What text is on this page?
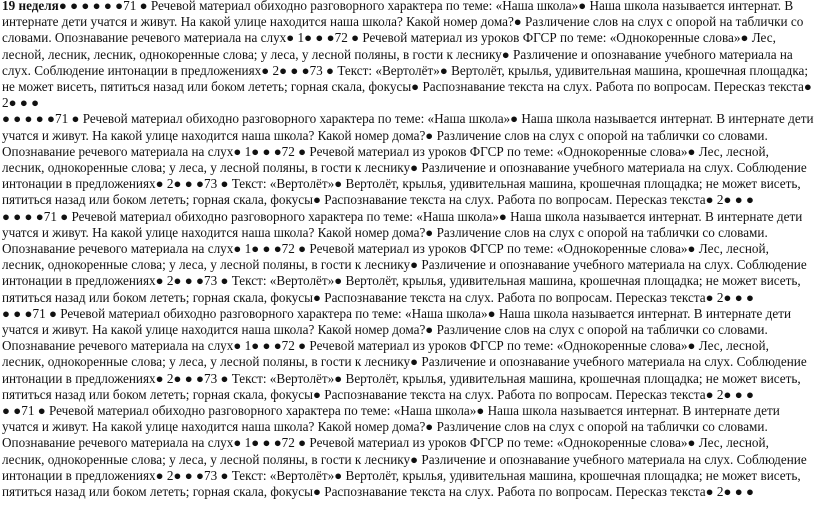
19 неделя● ● ● ● ● ●71 ● Речевой материал обиходно разговорного характера по теме: «Наша школа»● Наша школа называется интернат. В интернате дети учатся и живут. На какой улице находится наша школа? Какой номер дома?● Различение слов на слух с опорой на таблички со словами. Опознавание речевого материала на слух● 1● ● ●72 ● Речевой материал из уроков ФГСР по теме: «Однокоренные слова»● Лес, лесной, лесник, лесник, однокоренные слова; у леса, у лесной поляны, в гости к леснику● Различение и опознавание учебного материала на слух. Соблюдение интонации в предложениях● 2● ● ●73 ● Текст: «Вертолёт»● Вертолёт, крылья, удивительная машина, крошечная площадка; не может висеть, пятиться назад или боком лететь; горная скала, фокусы● Распознавание текста на слух. Работа по вопросам. Пересказ текста● 2● ● ●

● ● ● ● ●71 ● Речевой материал обиходно разговорного характера по теме: «Наша школа»● Наша школа называется интернат. В интернате дети учатся и живут. На какой улице находится наша школа? Какой номер дома?● Различение слов на слух с опорой на таблички со словами. Опознавание речевого материала на слух● 1● ● ●72 ● Речевой материал из уроков ФГСР по теме: «Однокоренные слова»● Лес, лесной, лесник, однокоренные слова; у леса, у лесной поляны, в гости к леснику● Различение и опознавание учебного материала на слух. Соблюдение интонации в предложениях● 2● ● ●73 ● Текст: «Вертолёт»● Вертолёт, крылья, удивительная машина, крошечная площадка; не может висеть, пятиться назад или боком лететь; горная скала, фокусы● Распознавание текста на слух. Работа по вопросам. Пересказ текста● 2● ● ●

● ● ● ●71 ● Речевой материал обиходно разговорного характера по теме: «Наша школа»● Наша школа называется интернат. В интернате дети учатся и живут. На какой улице находится наша школа? Какой номер дома?● Различение слов на слух с опорой на таблички со словами. Опознавание речевого материала на слух● 1● ● ●72 ● Речевой материал из уроков ФГСР по теме: «Однокоренные слова»● Лес, лесной, лесник, однокоренные слова; у леса, у лесной поляны, в гости к леснику● Различение и опознавание учебного материала на слух. Соблюдение интонации в предложениях● 2● ● ●73 ● Текст: «Вертолёт»● Вертолёт, крылья, удивительная машина, крошечная площадка; не может висеть, пятиться назад или боком лететь; горная скала, фокусы● Распознавание текста на слух. Работа по вопросам. Пересказ текста● 2● ● ●

● ● ●71 ● Речевой материал обиходно разговорного характера по теме: «Наша школа»● Наша школа называется интернат. В интернате дети учатся и живут. На какой улице находится наша школа? Какой номер дома?● Различение слов на слух с опорой на таблички со словами. Опознавание речевого материала на слух● 1● ● ●72 ● Речевой материал из уроков ФГСР по теме: «Однокоренные слова»● Лес, лесной, лесник, однокоренные слова; у леса, у лесной поляны, в гости к леснику● Различение и опознавание учебного материала на слух. Соблюдение интонации в предложениях● 2● ● ●73 ● Текст: «Вертолёт»● Вертолёт, крылья, удивительная машина, крошечная площадка; не может висеть, пятиться назад или боком лететь; горная скала, фокусы● Распознавание текста на слух. Работа по вопросам. Пересказ текста● 2● ● ●

● ●71 ● Речевой материал обиходно разговорного характера по теме: «Наша школа»● Наша школа называется интернат. В интернате дети учатся и живут. На какой улице находится наша школа? Какой номер дома?● Различение слов на слух с опорой на таблички со словами. Опознавание речевого материала на слух● 1● ● ●72 ● Речевой материал из уроков ФГСР по теме: «Однокоренные слова»● Лес, лесной, лесник, однокоренные слова; у леса, у лесной поляны, в гости к леснику● Различение и опознавание учебного материала на слух. Соблюдение интонации в предложениях● 2● ● ●73 ● Текст: «Вертолёт»● Вертолёт, крылья, удивительная машина, крошечная площадка; не может висеть, пятиться назад или боком лететь; горная скала, фокусы● Распознавание текста на слух. Работа по вопросам. Пересказ текста● 2● ● ●
